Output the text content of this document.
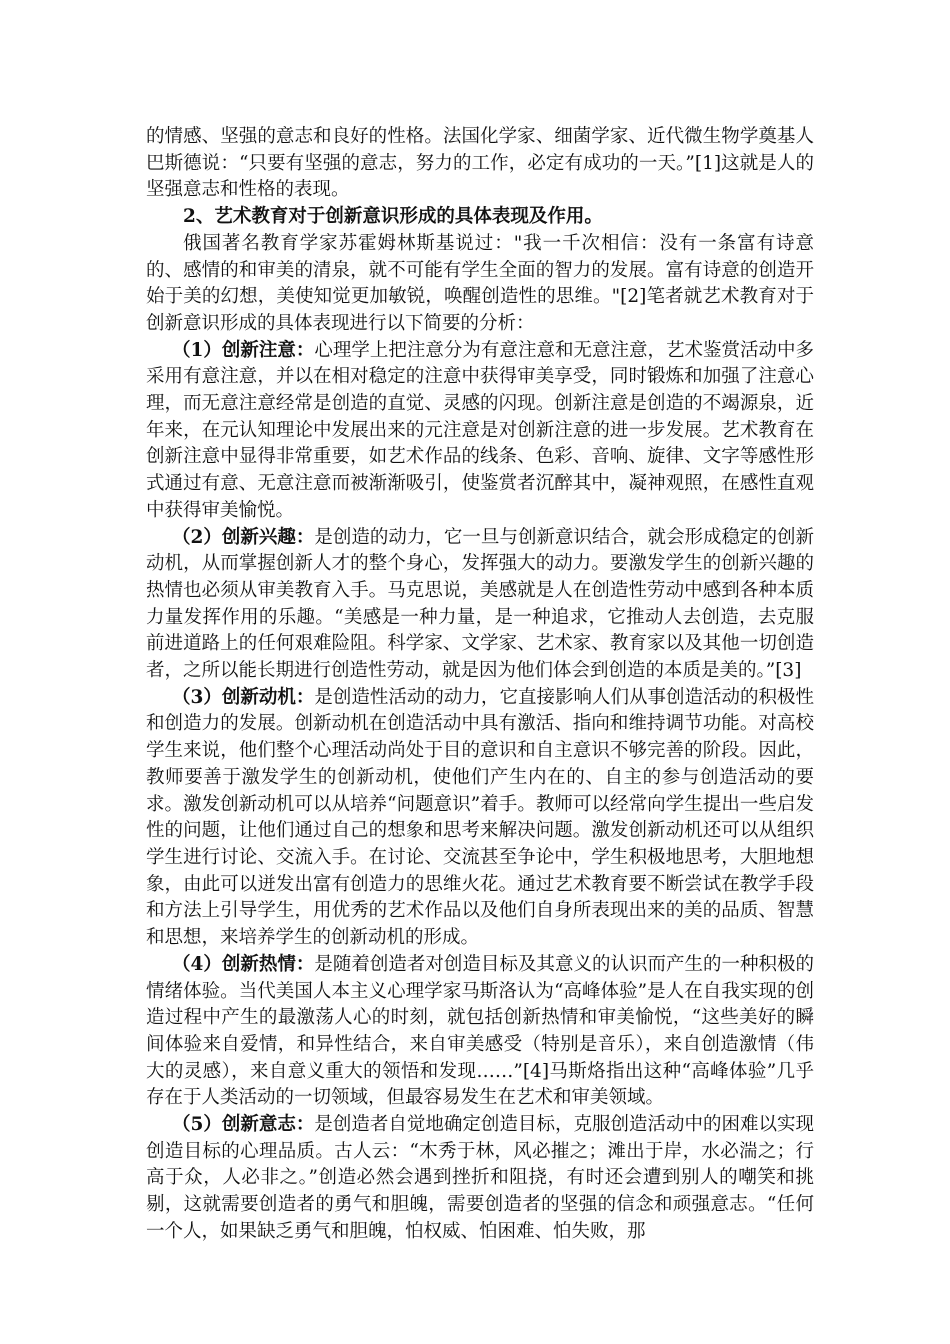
的情感、坚强的意志和良好的性格。法国化学家、细菌学家、近代微生物学奠基人巴斯德说：“只要有坚强的意志，努力的工作，必定有成功的一天。”[1]这就是人的坚强意志和性格的表现。

2、艺术教育对于创新意识形成的具体表现及作用。

俄国著名教育学家苏霍姆林斯基说过："我一千次相信：没有一条富有诗意的、感情的和审美的清泉，就不可能有学生全面的智力的发展。富有诗意的创造开始于美的幻想，美使知觉更加敏锐，唤醒创造性的思维。"[2]笔者就艺术教育对于创新意识形成的具体表现进行以下简要的分析：

（1）创新注意：心理学上把注意分为有意注意和无意注意，艺术鉴赏活动中多采用有意注意，并以在相对稳定的注意中获得审美享受，同时锻炼和加强了注意心理，而无意注意经常是创造的直觉、灵感的闪现。创新注意是创造的不竭源泉，近年来，在元认知理论中发展出来的元注意是对创新注意的进一步发展。艺术教育在创新注意中显得非常重要，如艺术作品的线条、色彩、音响、旋律、文字等感性形式通过有意、无意注意而被渐渐吸引，使鉴赏者沉醉其中，凝神观照，在感性直观中获得审美愉悦。

（2）创新兴趣：是创造的动力，它一旦与创新意识结合，就会形成稳定的创新动机，从而掌握创新人才的整个身心，发挥强大的动力。要激发学生的创新兴趣的热情也必须从审美教育入手。马克思说，美感就是人在创造性劳动中感到各种本质力量发挥作用的乐趣。“美感是一种力量，是一种追求，它推动人去创造，去克服前进道路上的任何艰难险阻。科学家、文学家、艺术家、教育家以及其他一切创造者，之所以能长期进行创造性劳动，就是因为他们体会到创造的本质是美的。”[3]

（3）创新动机：是创造性活动的动力，它直接影响人们从事创造活动的积极性和创造力的发展。创新动机在创造活动中具有激活、指向和维持调节功能。对高校学生来说，他们整个心理活动尚处于目的意识和自主意识不够完善的阶段。因此，教师要善于激发学生的创新动机，使他们产生内在的、自主的参与创造活动的要求。激发创新动机可以从培养“问题意识”着手。教师可以经常向学生提出一些启发性的问题，让他们通过自己的想象和思考来解决问题。激发创新动机还可以从组织学生进行讨论、交流入手。在讨论、交流甚至争论中，学生积极地思考，大胆地想象，由此可以迸发出富有创造力的思维火花。通过艺术教育要不断尝试在教学手段和方法上引导学生，用优秀的艺术作品以及他们自身所表现出来的美的品质、智慧和思想，来培养学生的创新动机的形成。

（4）创新热情：是随着创造者对创造目标及其意义的认识而产生的一种积极的情绪体验。当代美国人本主义心理学家马斯洛认为“高峰体验”是人在自我实现的创造过程中产生的最激荡人心的时刻，就包括创新热情和审美愉悦，“这些美好的瞬间体验来自爱情，和异性结合，来自审美感受（特别是音乐），来自创造激情（伟大的灵感），来自意义重大的领悟和发现……”[4]马斯烙指出这种“高峰体验”几乎存在于人类活动的一切领域，但最容易发生在艺术和审美领域。

（5）创新意志：是创造者自觉地确定创造目标，克服创造活动中的困难以实现创造目标的心理品质。古人云：“木秀于林，风必摧之；滩出于岸，水必湍之；行高于众，人必非之。”创造必然会遇到挫折和阻挠，有时还会遭到别人的嘲笑和挑剔，这就需要创造者的勇气和胆魄，需要创造者的坚强的信念和顽强意志。“任何一个人，如果缺乏勇气和胆魄，怕权威、怕困难、怕失败，那
